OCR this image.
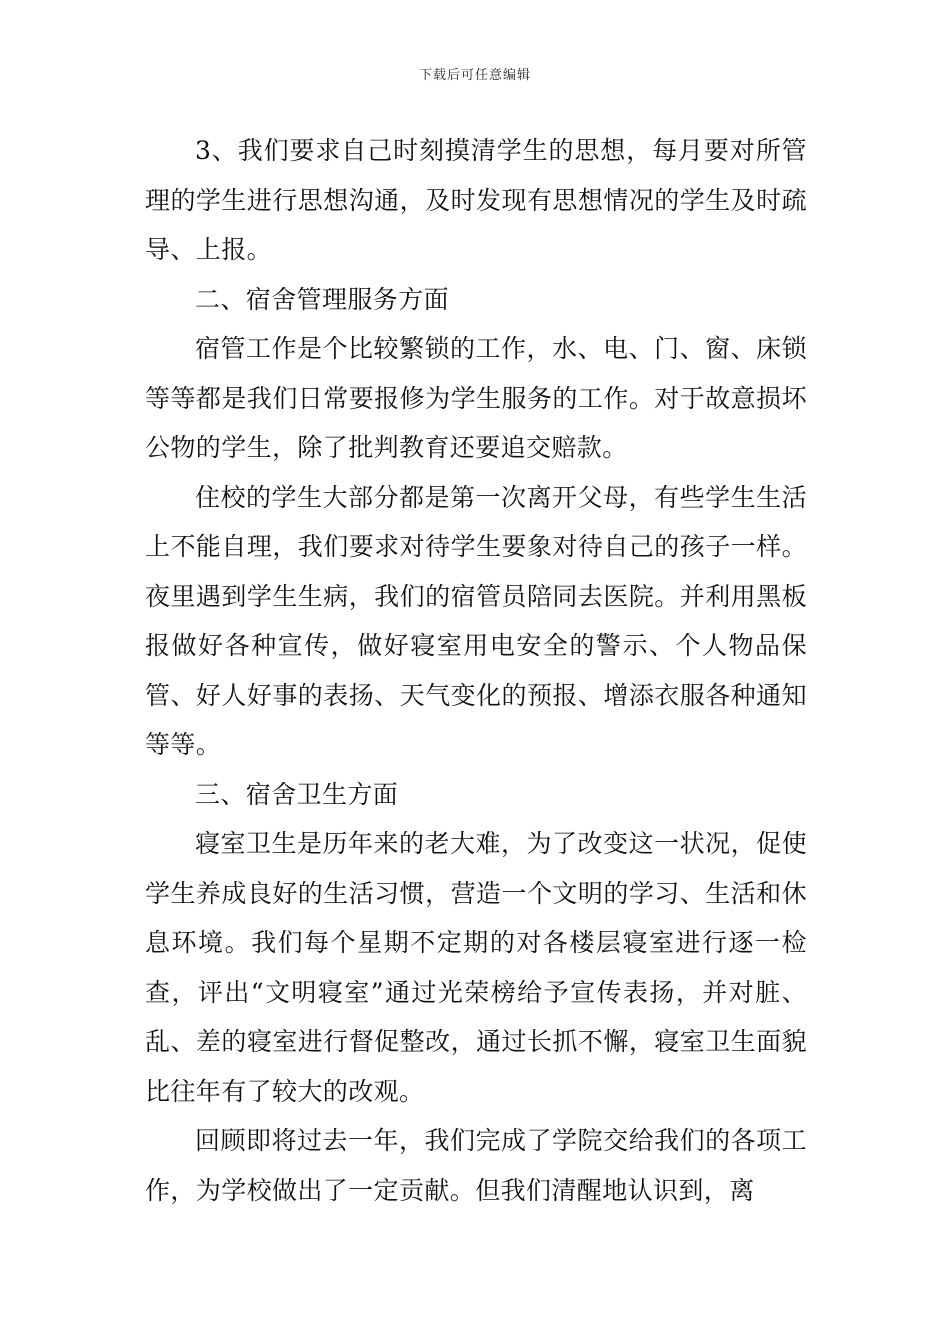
下载后可任意编辑

3、我们要求自己时刻摸清学生的思想，每月要对所管理的学生进行思想沟通，及时发现有思想情况的学生及时疏导、上报。

二、宿舍管理服务方面

宿管工作是个比较繁锁的工作，水、电、门、窗、床锁等等都是我们日常要报修为学生服务的工作。对于故意损坏公物的学生，除了批判教育还要追交赔款。

住校的学生大部分都是第一次离开父母，有些学生生活上不能自理，我们要求对待学生要象对待自己的孩子一样。夜里遇到学生生病，我们的宿管员陪同去医院。并利用黑板报做好各种宣传，做好寝室用电安全的警示、个人物品保管、好人好事的表扬、天气变化的预报、增添衣服各种通知等等。

三、宿舍卫生方面

寝室卫生是历年来的老大难，为了改变这一状况，促使学生养成良好的生活习惯，营造一个文明的学习、生活和休息环境。我们每个星期不定期的对各楼层寝室进行逐一检查，评出“文明寝室”通过光荣榜给予宣传表扬，并对脏、乱、差的寝室进行督促整改，通过长抓不懈，寝室卫生面貌比往年有了较大的改观。

回顾即将过去一年，我们完成了学院交给我们的各项工作，为学校做出了一定贡献。但我们清醒地认识到，离
